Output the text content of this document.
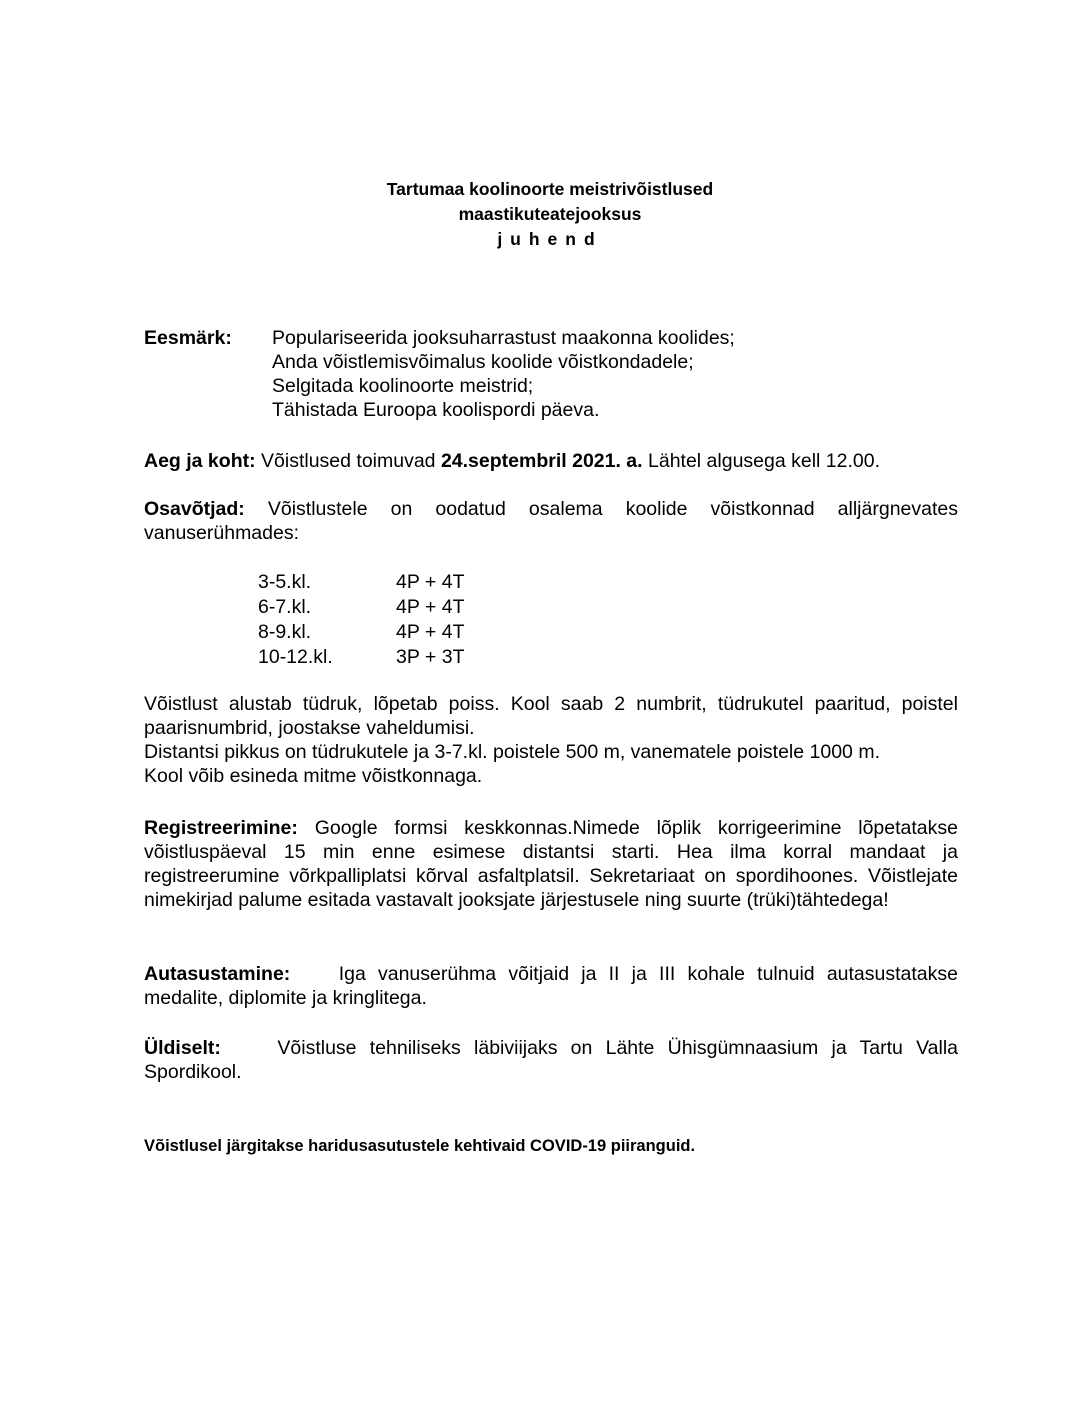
Tartumaa koolinoorte meistrivõistlused
maastikuteatejooksus
juhend
Eesmärk:	Populariseerida jooksuharrastust maakonna koolides;
Anda võistlemisvõimalus koolide võistkondadele;
Selgitada koolinoorte meistrid;
Tähistada Euroopa koolispordi päeva.
Aeg ja koht: Võistlused toimuvad 24.septembril 2021. a. Lähtel algusega kell 12.00.
Osavõtjad: Võistlustele on oodatud osalema koolide võistkonnad alljärgnevates vanuserühmades:
3-5.kl.	4P + 4T
6-7.kl.	4P + 4T
8-9.kl.	4P + 4T
10-12.kl.	3P + 3T

Võistlust alustab tüdruk, lõpetab poiss. Kool saab 2 numbrit, tüdrukutel paaritud, poistel paarisnumbrid, joostakse vaheldumisi.

Distantsi pikkus on tüdrukutele ja 3-7.kl. poistele 500 m, vanematele poistele 1000 m.

Kool võib esineda mitme võistkonnaga.

Registreerimine: Google formsi keskkonnas.Nimede lõplik korrigeerimine lõpetatakse võistluspäeval 15 min enne esimese distantsi starti. Hea ilma korral mandaat ja registreerumine võrkpalliplatsi kõrval asfaltplatsil. Sekretariaat on spordihoones. Võistlejate nimekirjad palume esitada vastavalt jooksjate järjestusele ning suurte (trüki)tähtedega!
Autasustamine: Iga vanuserühma võitjaid ja II ja III kohale tulnuid autasustatakse medalite, diplomite ja kringlitega.
Üldiselt:	Võistluse tehniliseks läbiviijaks on Lähte Ühisgümnaasium ja Tartu Valla Spordikool.
Võistlusel järgitakse haridusasutustele kehtivaid COVID-19 piiranguid.
